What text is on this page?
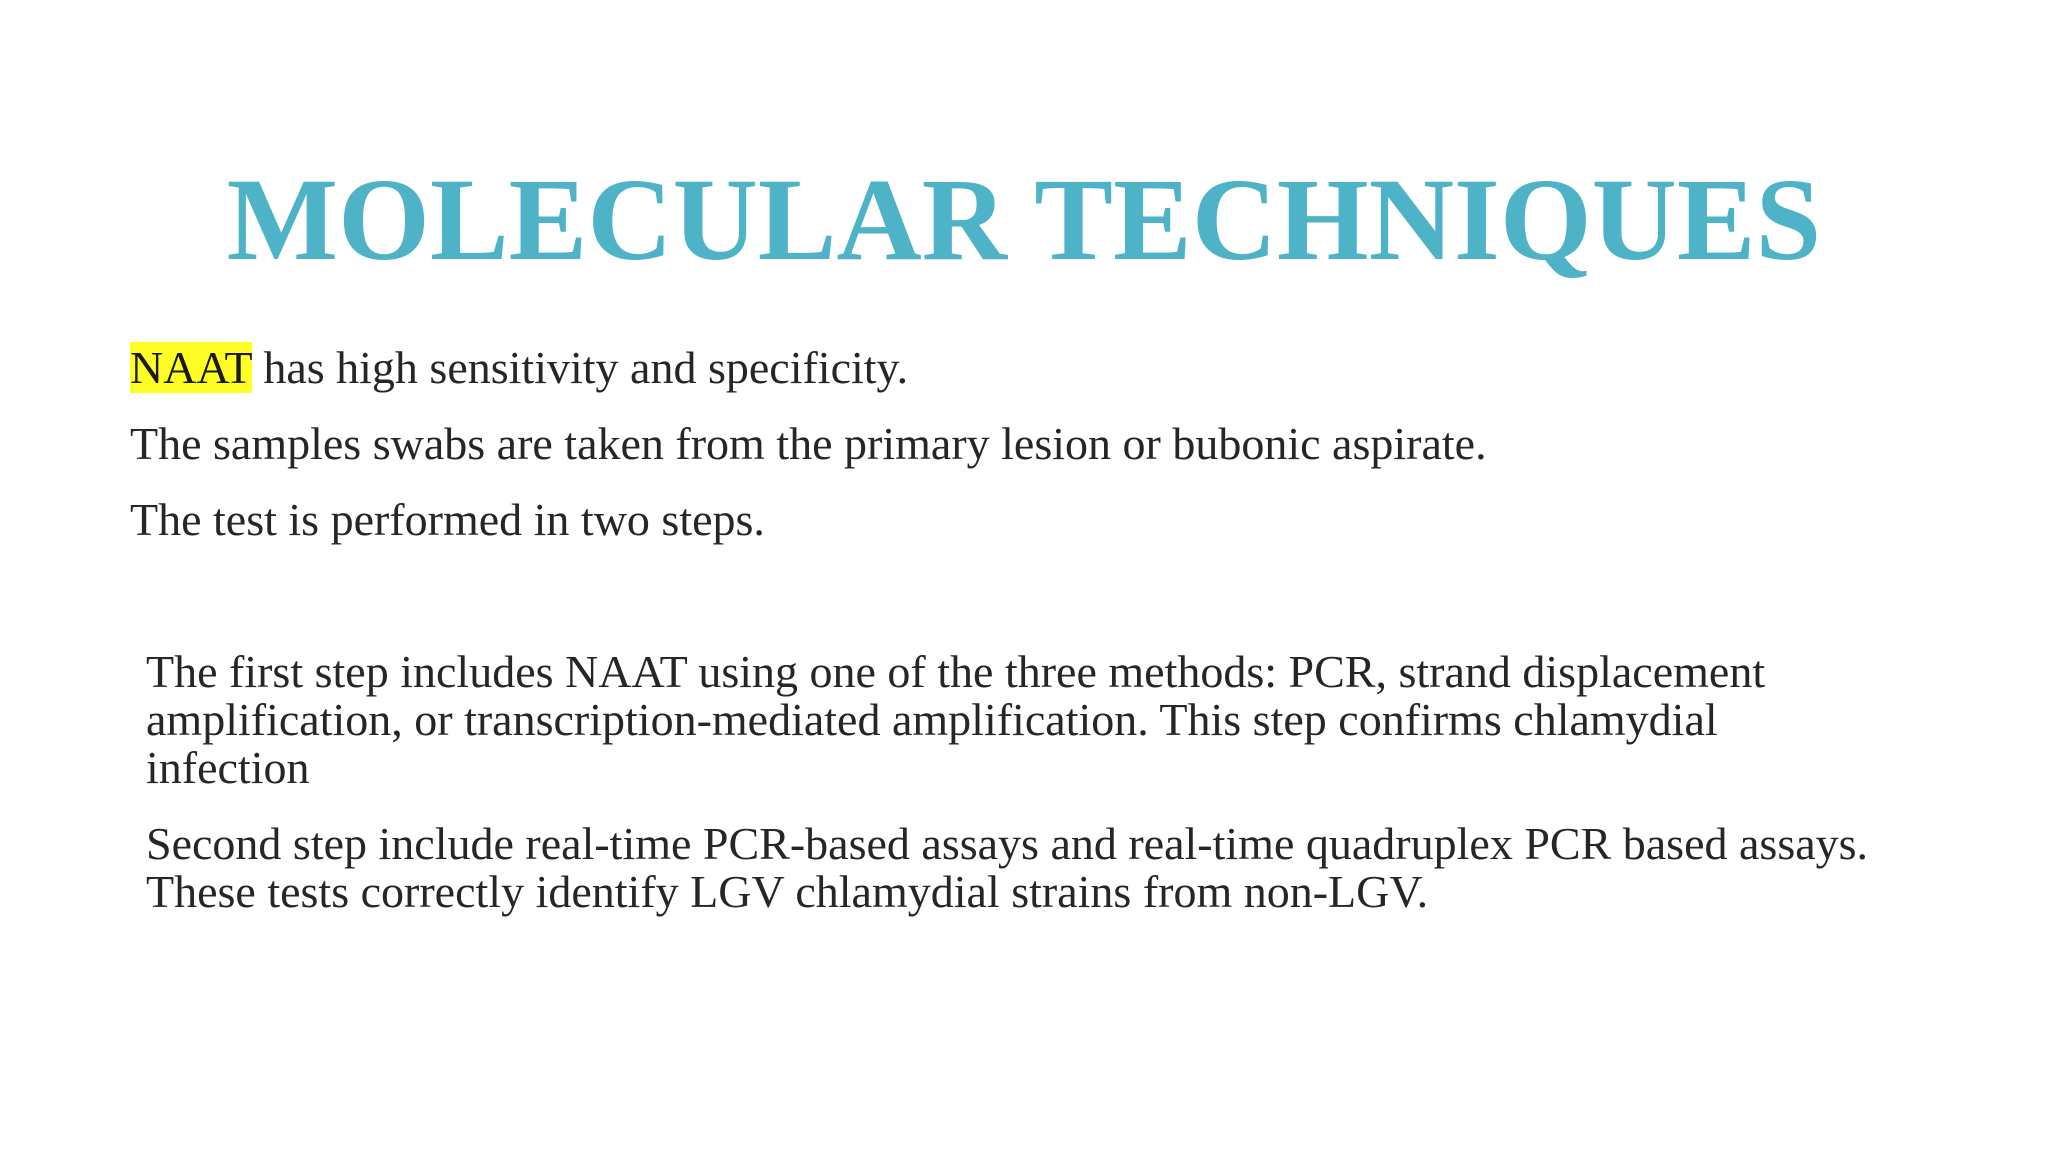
MOLECULAR TECHNIQUES

NAAT has high sensitivity and specificity.

The samples swabs are taken from the primary lesion or bubonic aspirate.

The test is performed in two steps.

The first step includes NAAT using one of the three methods: PCR, strand displacement
amplification, or transcription-mediated amplification. This step confirms chlamydial
infection

Second step include real-time PCR-based assays and real-time quadruplex PCR based assays.
These tests correctly identify LGV chlamydial strains from non-LGV.
